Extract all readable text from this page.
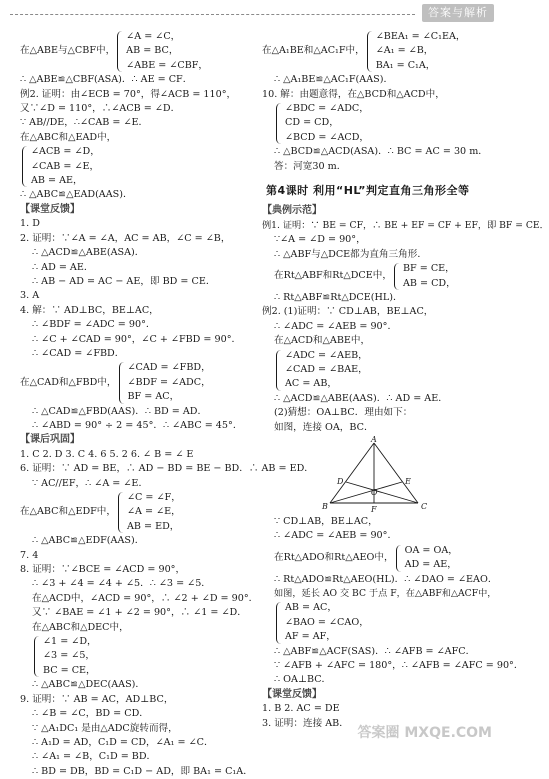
答案与解析
在△ABE与△CBF中，
∠A = ∠C，
AB = BC，
∠ABE = ∠CBF，
∴ △ABE≌△CBF(ASA)．∴ AE = CF．
例2. 证明：由∠ECB = 70°，得∠ACB = 110°，
又∵∠D = 110°，∴∠ACB = ∠D．
∵ AB//DE，∴∠CAB = ∠E．
在△ABC和△EAD中，
∠ACB = ∠D，
∠CAB = ∠E，
AB = AE，
∴ △ABC≌△EAD(AAS)．
【课堂反馈】
1. D
2. 证明：∵∠A = ∠A，AC = AB，∠C = ∠B，
∴ △ACD≌△ABE(ASA)．
∴ AD = AE．
∴ AB − AD = AC − AE，即 BD = CE．
3. A
4. 解：∵ AD⊥BC，BE⊥AC，
∴ ∠BDF = ∠ADC = 90°．
∴ ∠C + ∠CAD = 90°，∠C + ∠FBD = 90°．
∴ ∠CAD = ∠FBD．
在△CAD和△FBD中，
∠CAD = ∠FBD，
∠BDF = ∠ADC，
BF = AC，
∴ △CAD≌△FBD(AAS)．∴ BD = AD．
∴ ∠ABD = 90° ÷ 2 = 45°．∴ ∠ABC = 45°．
【课后巩固】
1. C 2. D 3. C 4. 6 5. 2 6. ∠ B = ∠ E
6. 证明：∵ AD = BE，∴ AD − BD = BE − BD．∴ AB = ED．
∵ AC//EF，∴ ∠A = ∠E．
在△ABC和△EDF中，
∠C = ∠F，
∠A = ∠E，
AB = ED，
∴ △ABC≌△EDF(AAS)．
7. 4
8. 证明：∵∠BCE = ∠ACD = 90°，
∴ ∠3 + ∠4 = ∠4 + ∠5．∴ ∠3 = ∠5．
在△ACD中，∠ACD = 90°，∴ ∠2 + ∠D = 90°．
又∵ ∠BAE = ∠1 + ∠2 = 90°，∴ ∠1 = ∠D．
在△ABC和△DEC中，
∠1 = ∠D，
∠3 = ∠5，
BC = CE，
∴ △ABC≌△DEC(AAS)．
9. 证明：∵ AB = AC，AD⊥BC，
∴ ∠B = ∠C，BD = CD．
∵ △A₁DC₁ 是由△ADC旋转而得，
∴ A₁D = AD，C₁D = CD，∠A₁ = ∠C．
∴ ∠A₁ = ∠B，C₁D = BD．
∴ BD = DB，BD = C₁D − AD，即 BA₁ = C₁A．
在△A₁BE和△AC₁F中，
∠BEA₁ = ∠C₁EA，
∠A₁ = ∠B，
BA₁ = C₁A，
∴ △A₁BE≌△AC₁F(AAS)．
10. 解：由题意得，在△BCD和△ACD中，
∠BDC = ∠ADC，
CD = CD，
∠BCD = ∠ACD，
∴ △BCD≌△ACD(ASA)．∴ BC = AC = 30 m．
答：河宽30 m．
第4课时 利用“HL”判定直角三角形全等
【典例示范】
例1. 证明：∵ BE = CF，∴ BE + EF = CF + EF，即 BF = CE．
∵∠A = ∠D = 90°，
∴ △ABF与△DCE都为直角三角形．
在Rt△ABF和Rt△DCE中，
BF = CE，
AB = CD，
∴ Rt△ABF≌Rt△DCE(HL)．
例2. (1)证明：∵ CD⊥AB，BE⊥AC，
∴ ∠ADC = ∠AEB = 90°．
在△ACD和△ABE中，
∠ADC = ∠AEB，
∠CAD = ∠BAE，
AC = AB，
∴ △ACD≌△ABE(AAS)．∴ AD = AE．
(2)猜想：OA⊥BC．理由如下：
如图，连接 OA，BC．
A
B	C
D	E
O
F
∵ CD⊥AB，BE⊥AC，
∴ ∠ADC = ∠AEB = 90°．
在Rt△ADO和Rt△AEO中，
OA = OA，
AD = AE，
∴ Rt△ADO≌Rt△AEO(HL)．∴ ∠DAO = ∠EAO．
如图，延长 AO 交 BC 于点 F，在△ABF和△ACF中，
AB = AC，
∠BAO = ∠CAO，
AF = AF，
∴ △ABF≌△ACF(SAS)．∴ ∠AFB = ∠AFC．
∵ ∠AFB + ∠AFC = 180°，∴ ∠AFB = ∠AFC = 90°．
∴ OA⊥BC．
【课堂反馈】
1. B 2. AC = DE
3. 证明：连接 AB．
答案圈 MXQE.COM
